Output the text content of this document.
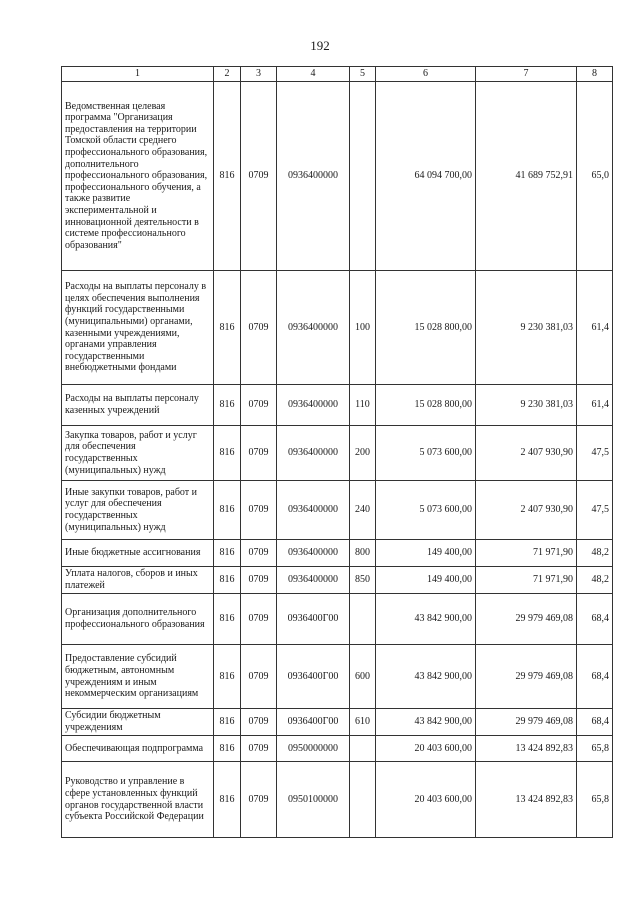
192
1	2	3	4	5	6	7	8
Ведомственная целевая программа "Организация предоставления на территории Томской области среднего профессионального образования, дополнительного профессионального образования, профессионального обучения, а также развитие экспериментальной и инновационной деятельности в системе профессионального образования"	816	0709	0936400000		64 094 700,00	41 689 752,91	65,0
Расходы на выплаты персоналу в целях обеспечения выполнения функций государственными (муниципальными) органами, казенными учреждениями, органами управления государственными внебюджетными фондами	816	0709	0936400000	100	15 028 800,00	9 230 381,03	61,4
Расходы на выплаты персоналу казенных учреждений	816	0709	0936400000	110	15 028 800,00	9 230 381,03	61,4
Закупка товаров, работ и услуг для обеспечения государственных (муниципальных) нужд	816	0709	0936400000	200	5 073 600,00	2 407 930,90	47,5
Иные закупки товаров, работ и услуг для обеспечения государственных (муниципальных) нужд	816	0709	0936400000	240	5 073 600,00	2 407 930,90	47,5
Иные бюджетные ассигнования	816	0709	0936400000	800	149 400,00	71 971,90	48,2
Уплата налогов, сборов и иных платежей	816	0709	0936400000	850	149 400,00	71 971,90	48,2
Организация дополнительного профессионального образования	816	0709	0936400Г00		43 842 900,00	29 979 469,08	68,4
Предоставление субсидий бюджетным, автономным учреждениям и иным некоммерческим организациям	816	0709	0936400Г00	600	43 842 900,00	29 979 469,08	68,4
Субсидии бюджетным учреждениям	816	0709	0936400Г00	610	43 842 900,00	29 979 469,08	68,4
Обеспечивающая подпрограмма	816	0709	0950000000		20 403 600,00	13 424 892,83	65,8
Руководство и управление в сфере установленных функций органов государственной власти субъекта Российской Федерации	816	0709	0950100000		20 403 600,00	13 424 892,83	65,8
